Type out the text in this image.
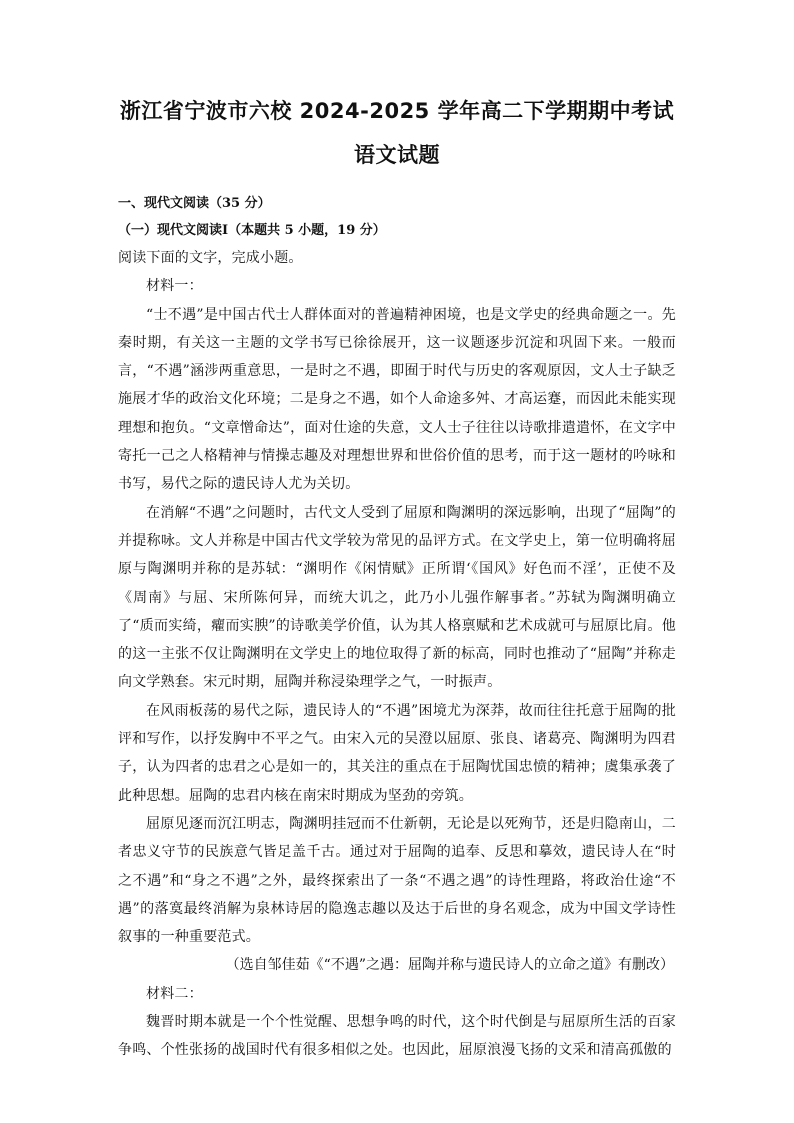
浙江省宁波市六校 2024-2025 学年高二下学期期中考试
语文试题

一、现代文阅读（35 分）

（一）现代文阅读Ⅰ（本题共 5 小题，19 分）

阅读下面的文字，完成小题。

材料一：

“士不遇”是中国古代士人群体面对的普遍精神困境，也是文学史的经典命题之一。先秦时期，有关这一主题的文学书写已徐徐展开，这一议题逐步沉淀和巩固下来。一般而言，“不遇”涵涉两重意思，一是时之不遇，即囿于时代与历史的客观原因，文人士子缺乏施展才华的政治文化环境；二是身之不遇，如个人命途多舛、才高运蹇，而因此未能实现理想和抱负。“文章憎命达”，面对仕途的失意，文人士子往往以诗歌排遣遣怀，在文字中寄托一己之人格精神与情操志趣及对理想世界和世俗价值的思考，而于这一题材的吟咏和书写，易代之际的遗民诗人尤为关切。

在消解“不遇”之问题时，古代文人受到了屈原和陶渊明的深远影响，出现了“屈陶”的并提称咏。文人并称是中国古代文学较为常见的品评方式。在文学史上，第一位明确将屈原与陶渊明并称的是苏轼：“渊明作《闲情赋》正所谓‘《国风》好色而不淫’，正使不及《周南》与屈、宋所陈何异，而统大讥之，此乃小儿强作解事者。”苏轼为陶渊明确立了“质而实绮，癯而实腴”的诗歌美学价值，认为其人格禀赋和艺术成就可与屈原比肩。他的这一主张不仅让陶渊明在文学史上的地位取得了新的标高，同时也推动了“屈陶”并称走向文学熟套。宋元时期，屈陶并称浸染理学之气，一时振声。

在风雨板荡的易代之际，遗民诗人的“不遇”困境尤为深莽，故而往往托意于屈陶的批评和写作，以抒发胸中不平之气。由宋入元的吴澄以屈原、张良、诸葛亮、陶渊明为四君子，认为四者的忠君之心是如一的，其关注的重点在于屈陶忧国忠愤的精神；虞集承袭了此种思想。屈陶的忠君内核在南宋时期成为坚劲的旁筑。

屈原见逐而沉江明志，陶渊明挂冠而不仕新朝，无论是以死殉节，还是归隐南山，二者忠义守节的民族意气皆足盖千古。通过对于屈陶的追奉、反思和摹效，遗民诗人在“时之不遇”和“身之不遇”之外，最终探索出了一条“不遇之遇”的诗性理路，将政治仕途“不遇”的落寞最终消解为泉林诗居的隐逸志趣以及达于后世的身名观念，成为中国文学诗性叙事的一种重要范式。

（选自邹佳茹《“不遇”之遇：屈陶并称与遗民诗人的立命之道》有删改）

材料二：

魏晋时期本就是一个个性觉醒、思想争鸣的时代，这个时代倒是与屈原所生活的百家争鸣、个性张扬的战国时代有很多相似之处。也因此，屈原浪漫飞扬的文采和清高孤傲的
